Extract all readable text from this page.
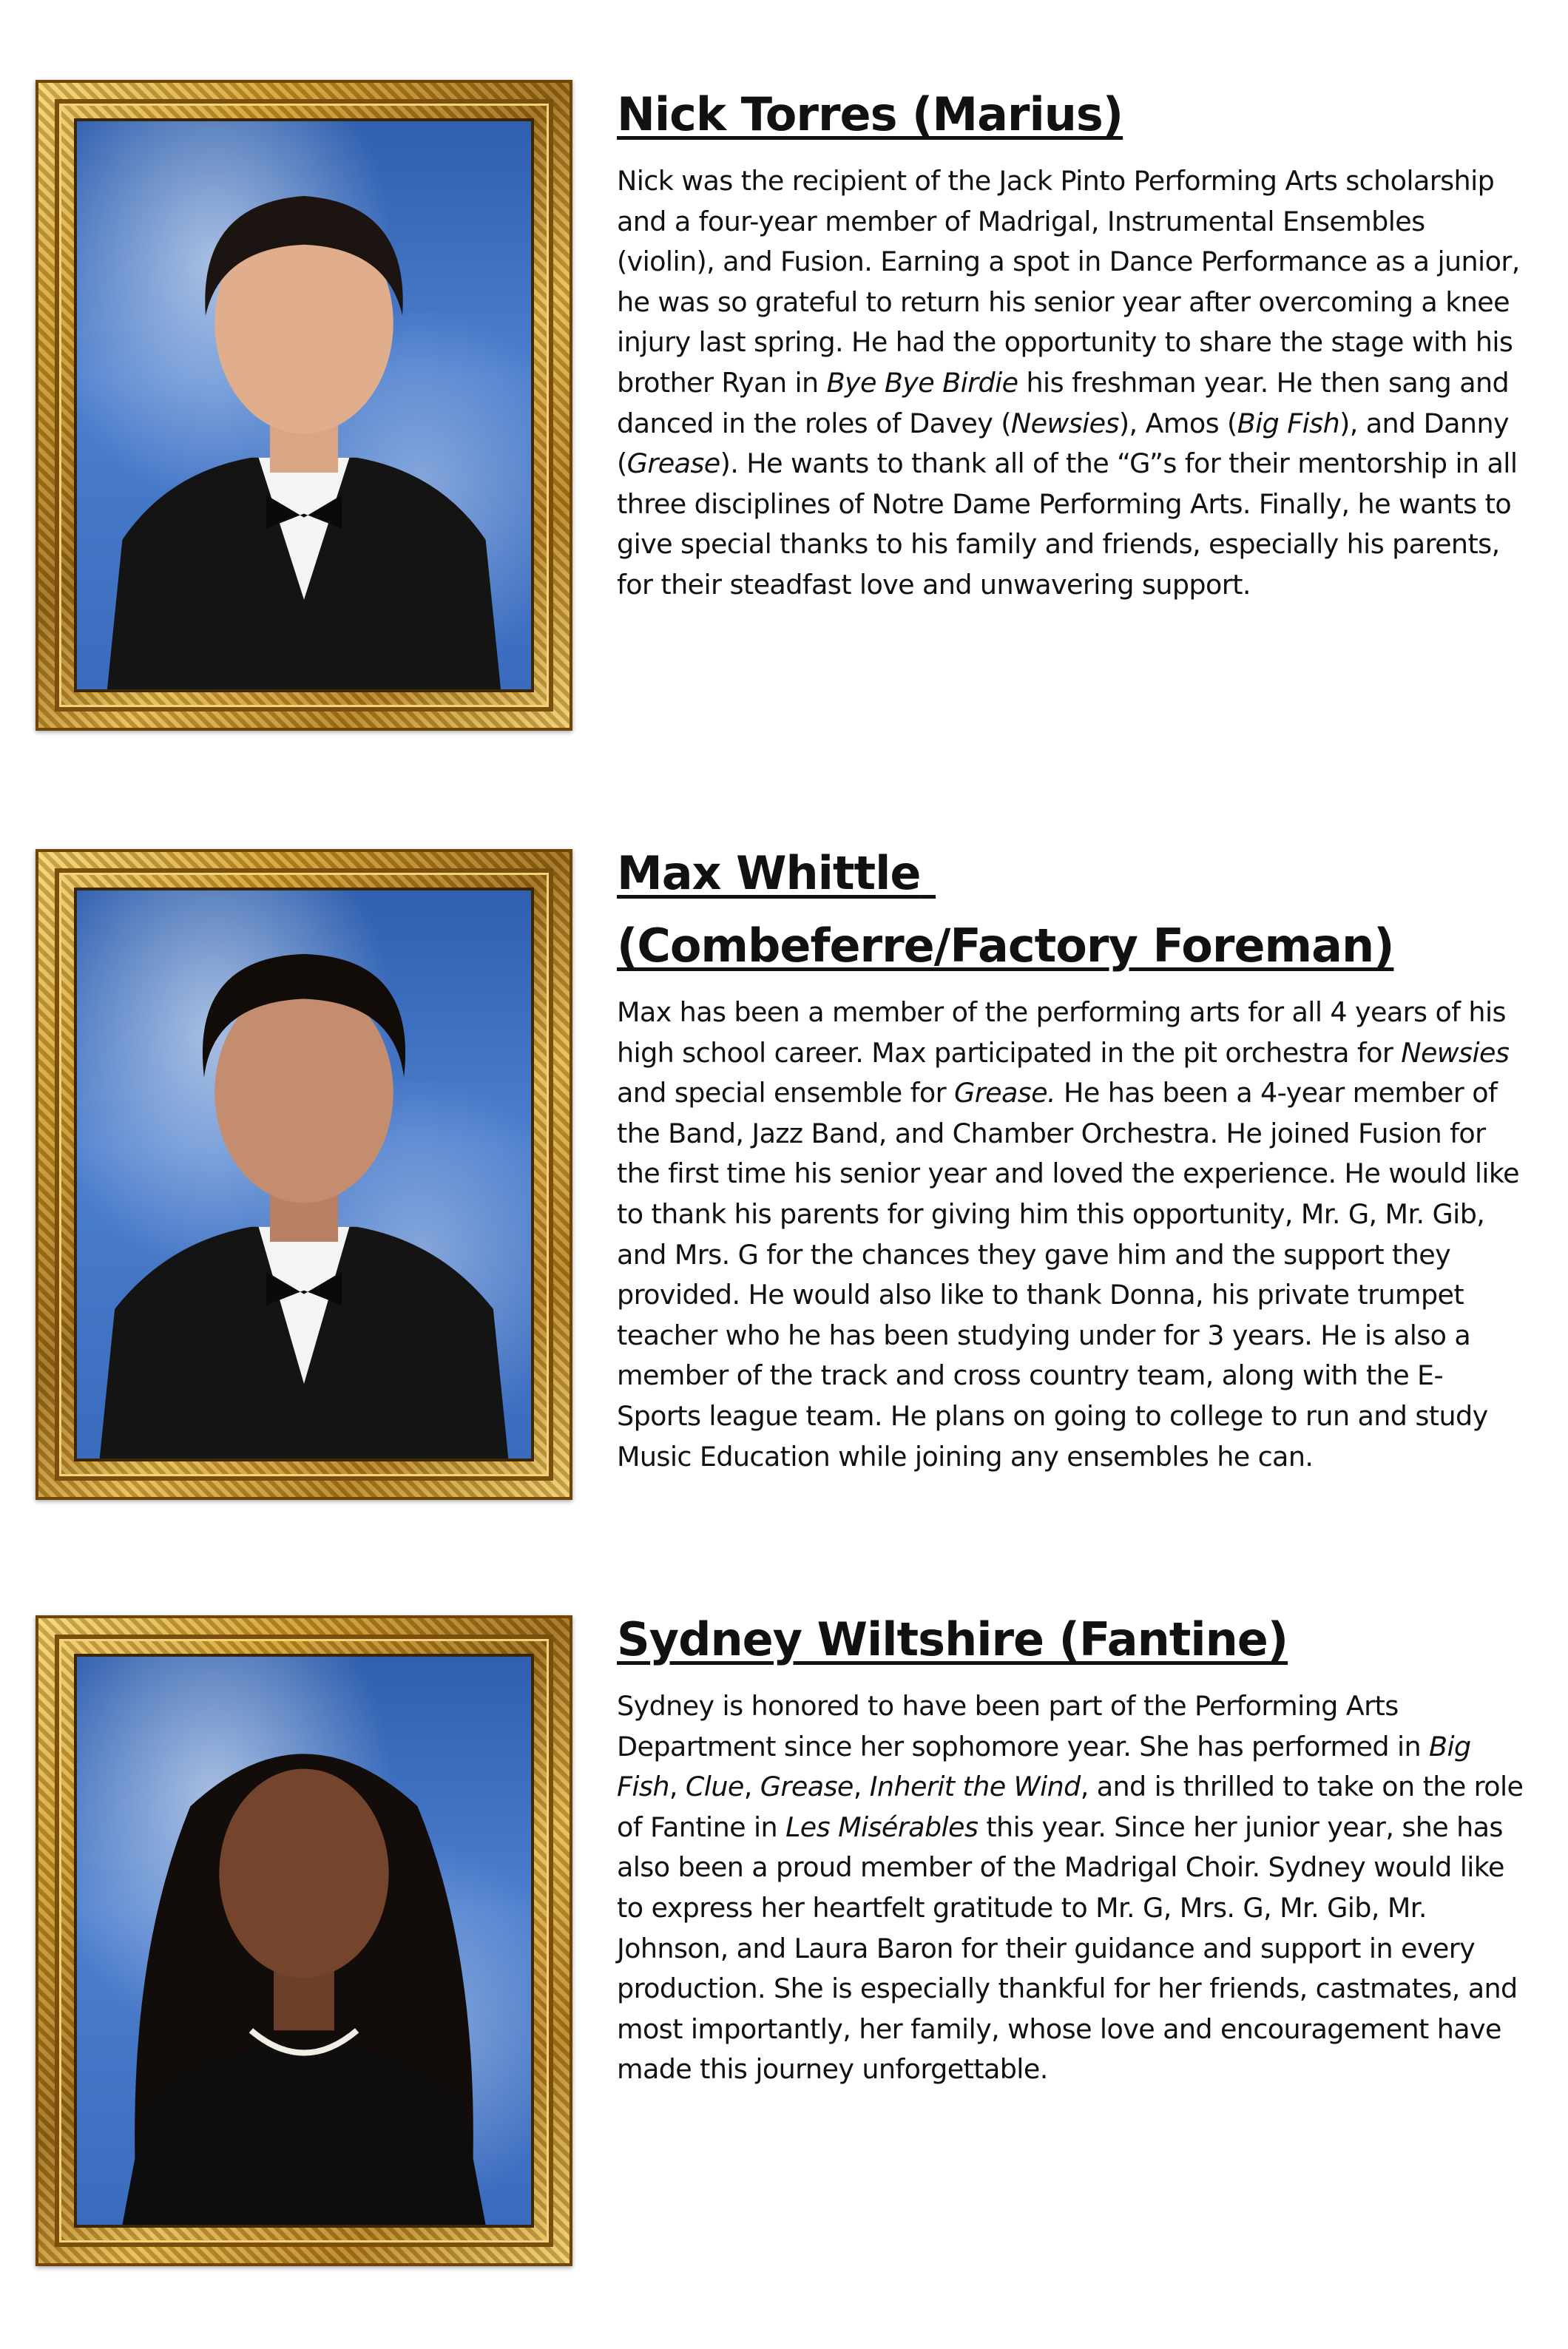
Nick Torres (Marius)

Nick was the recipient of the Jack Pinto Performing Arts scholarship and a four-year member of Madrigal, Instrumental Ensembles (violin), and Fusion. Earning a spot in Dance Performance as a junior, he was so grateful to return his senior year after overcoming a knee injury last spring. He had the opportunity to share the stage with his brother Ryan in Bye Bye Birdie his freshman year. He then sang and danced in the roles of Davey (Newsies), Amos (Big Fish), and Danny (Grease). He wants to thank all of the “G”s for their mentorship in all three disciplines of Notre Dame Performing Arts. Finally, he wants to give special thanks to his family and friends, especially his parents, for their steadfast love and unwavering support.

Max Whittle
(Combeferre/Factory Foreman)

Max has been a member of the performing arts for all 4 years of his high school career. Max participated in the pit orchestra for Newsies and special ensemble for Grease. He has been a 4-year member of the Band, Jazz Band, and Chamber Orchestra. He joined Fusion for the first time his senior year and loved the experience. He would like to thank his parents for giving him this opportunity, Mr. G, Mr. Gib, and Mrs. G for the chances they gave him and the support they provided. He would also like to thank Donna, his private trumpet teacher who he has been studying under for 3 years. He is also a member of the track and cross country team, along with the E-Sports league team. He plans on going to college to run and study Music Education while joining any ensembles he can.

Sydney Wiltshire (Fantine)

Sydney is honored to have been part of the Performing Arts Department since her sophomore year. She has performed in Big Fish, Clue, Grease, Inherit the Wind, and is thrilled to take on the role of Fantine in Les Misérables this year. Since her junior year, she has also been a proud member of the Madrigal Choir. Sydney would like to express her heartfelt gratitude to Mr. G, Mrs. G, Mr. Gib, Mr. Johnson, and Laura Baron for their guidance and support in every production. She is especially thankful for her friends, castmates, and most importantly, her family, whose love and encouragement have made this journey unforgettable.
